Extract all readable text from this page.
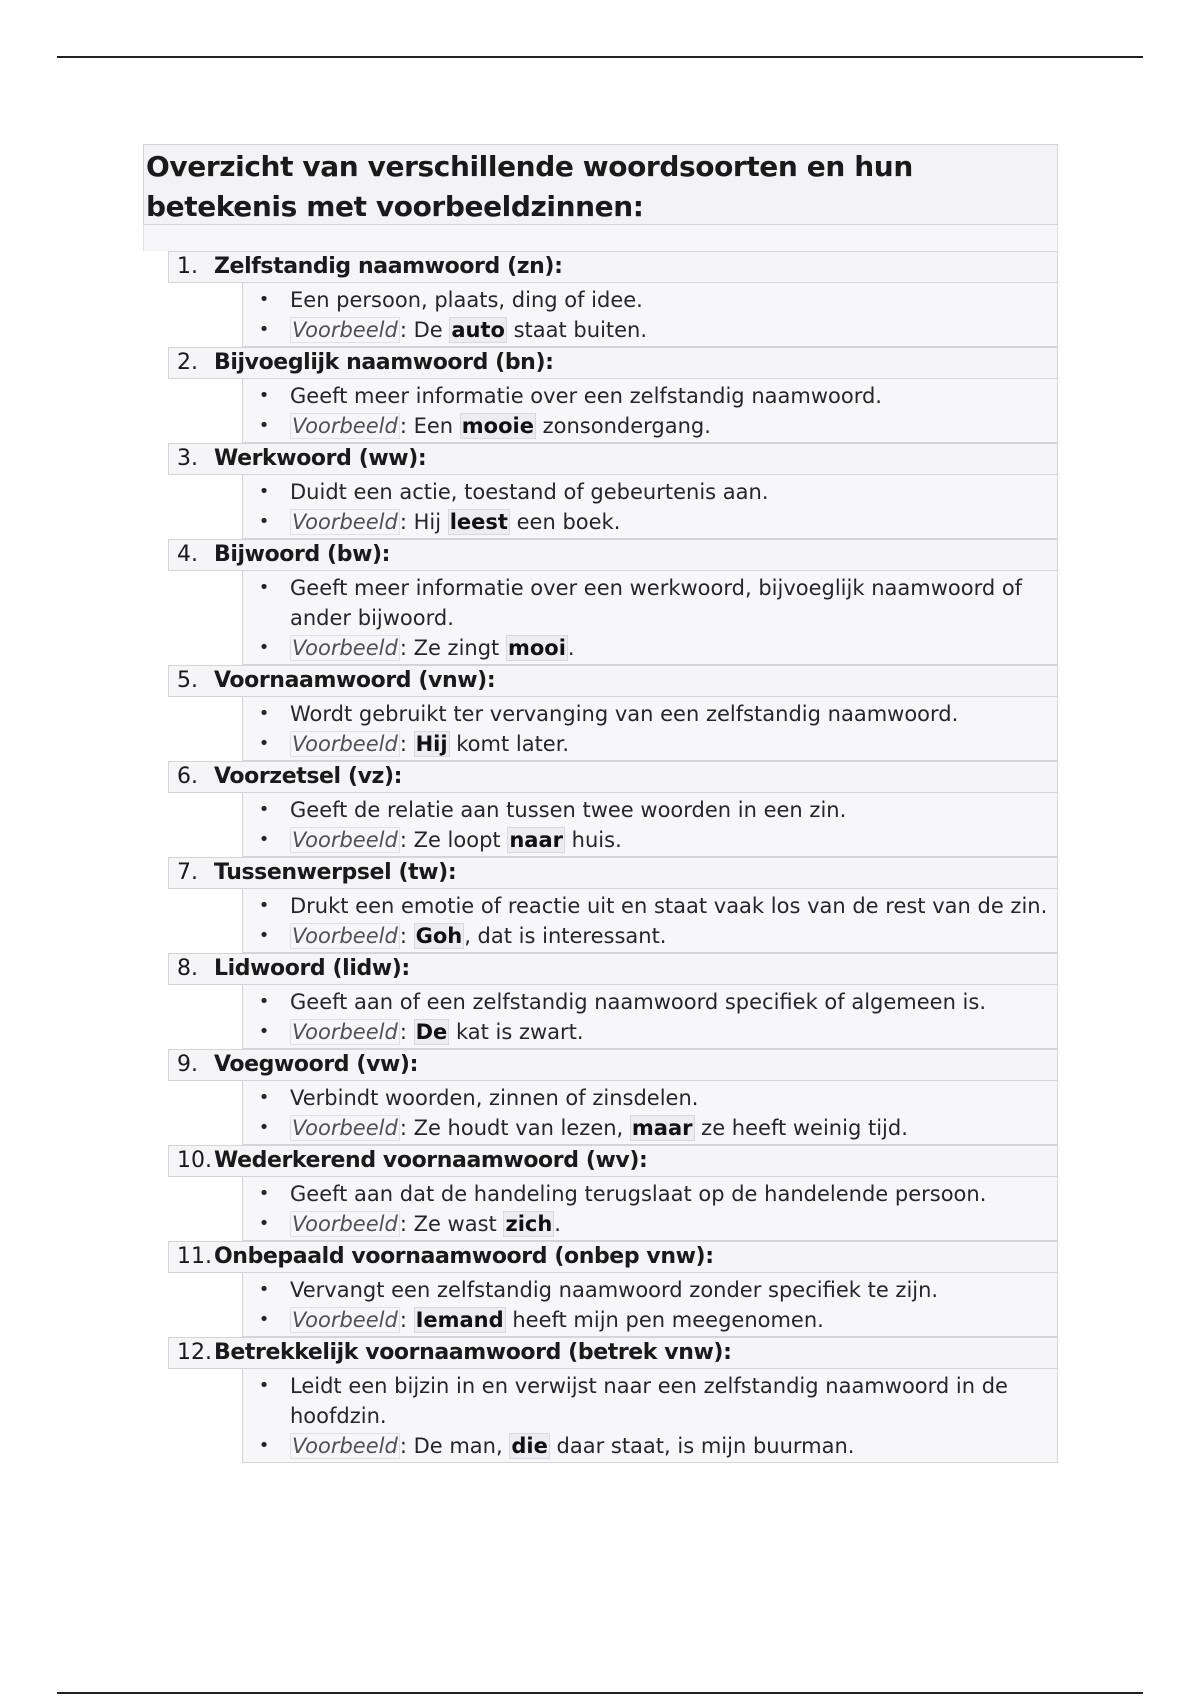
Overzicht van verschillende woordsoorten en hun betekenis met voorbeeldzinnen:
1. Zelfstandig naamwoord (zn):
• Een persoon, plaats, ding of idee.
•	Voorbeeld: De auto staat buiten.
2. Bijvoeglijk naamwoord (bn):
• Geeft meer informatie over een zelfstandig naamwoord.
•	Voorbeeld: Een mooie zonsondergang.
3. Werkwoord (ww):
• Duidt een actie, toestand of gebeurtenis aan.
•	Voorbeeld: Hij leest een boek.
4. Bijwoord (bw):
• Geeft meer informatie over een werkwoord, bijvoeglijk naamwoord of ander bijwoord.
•	Voorbeeld: Ze zingt mooi.
5. Voornaamwoord (vnw):
• Wordt gebruikt ter vervanging van een zelfstandig naamwoord.
•	Voorbeeld: Hij komt later.
6. Voorzetsel (vz):
• Geeft de relatie aan tussen twee woorden in een zin.
•	Voorbeeld: Ze loopt naar huis.
7. Tussenwerpsel (tw):
• Drukt een emotie of reactie uit en staat vaak los van de rest van de zin.
•	Voorbeeld: Goh, dat is interessant.
8. Lidwoord (lidw):
• Geeft aan of een zelfstandig naamwoord specifiek of algemeen is.
•	Voorbeeld: De kat is zwart.
9. Voegwoord (vw):
• Verbindt woorden, zinnen of zinsdelen.
•	Voorbeeld: Ze houdt van lezen, maar ze heeft weinig tijd.
10. Wederkerend voornaamwoord (wv):
• Geeft aan dat de handeling terugslaat op de handelende persoon.
•	Voorbeeld: Ze wast zich.
11. Onbepaald voornaamwoord (onbep vnw):
• Vervangt een zelfstandig naamwoord zonder specifiek te zijn.
•	Voorbeeld: Iemand heeft mijn pen meegenomen.
12. Betrekkelijk voornaamwoord (betrek vnw):
• Leidt een bijzin in en verwijst naar een zelfstandig naamwoord in de hoofdzin.
•	Voorbeeld: De man, die daar staat, is mijn buurman.
